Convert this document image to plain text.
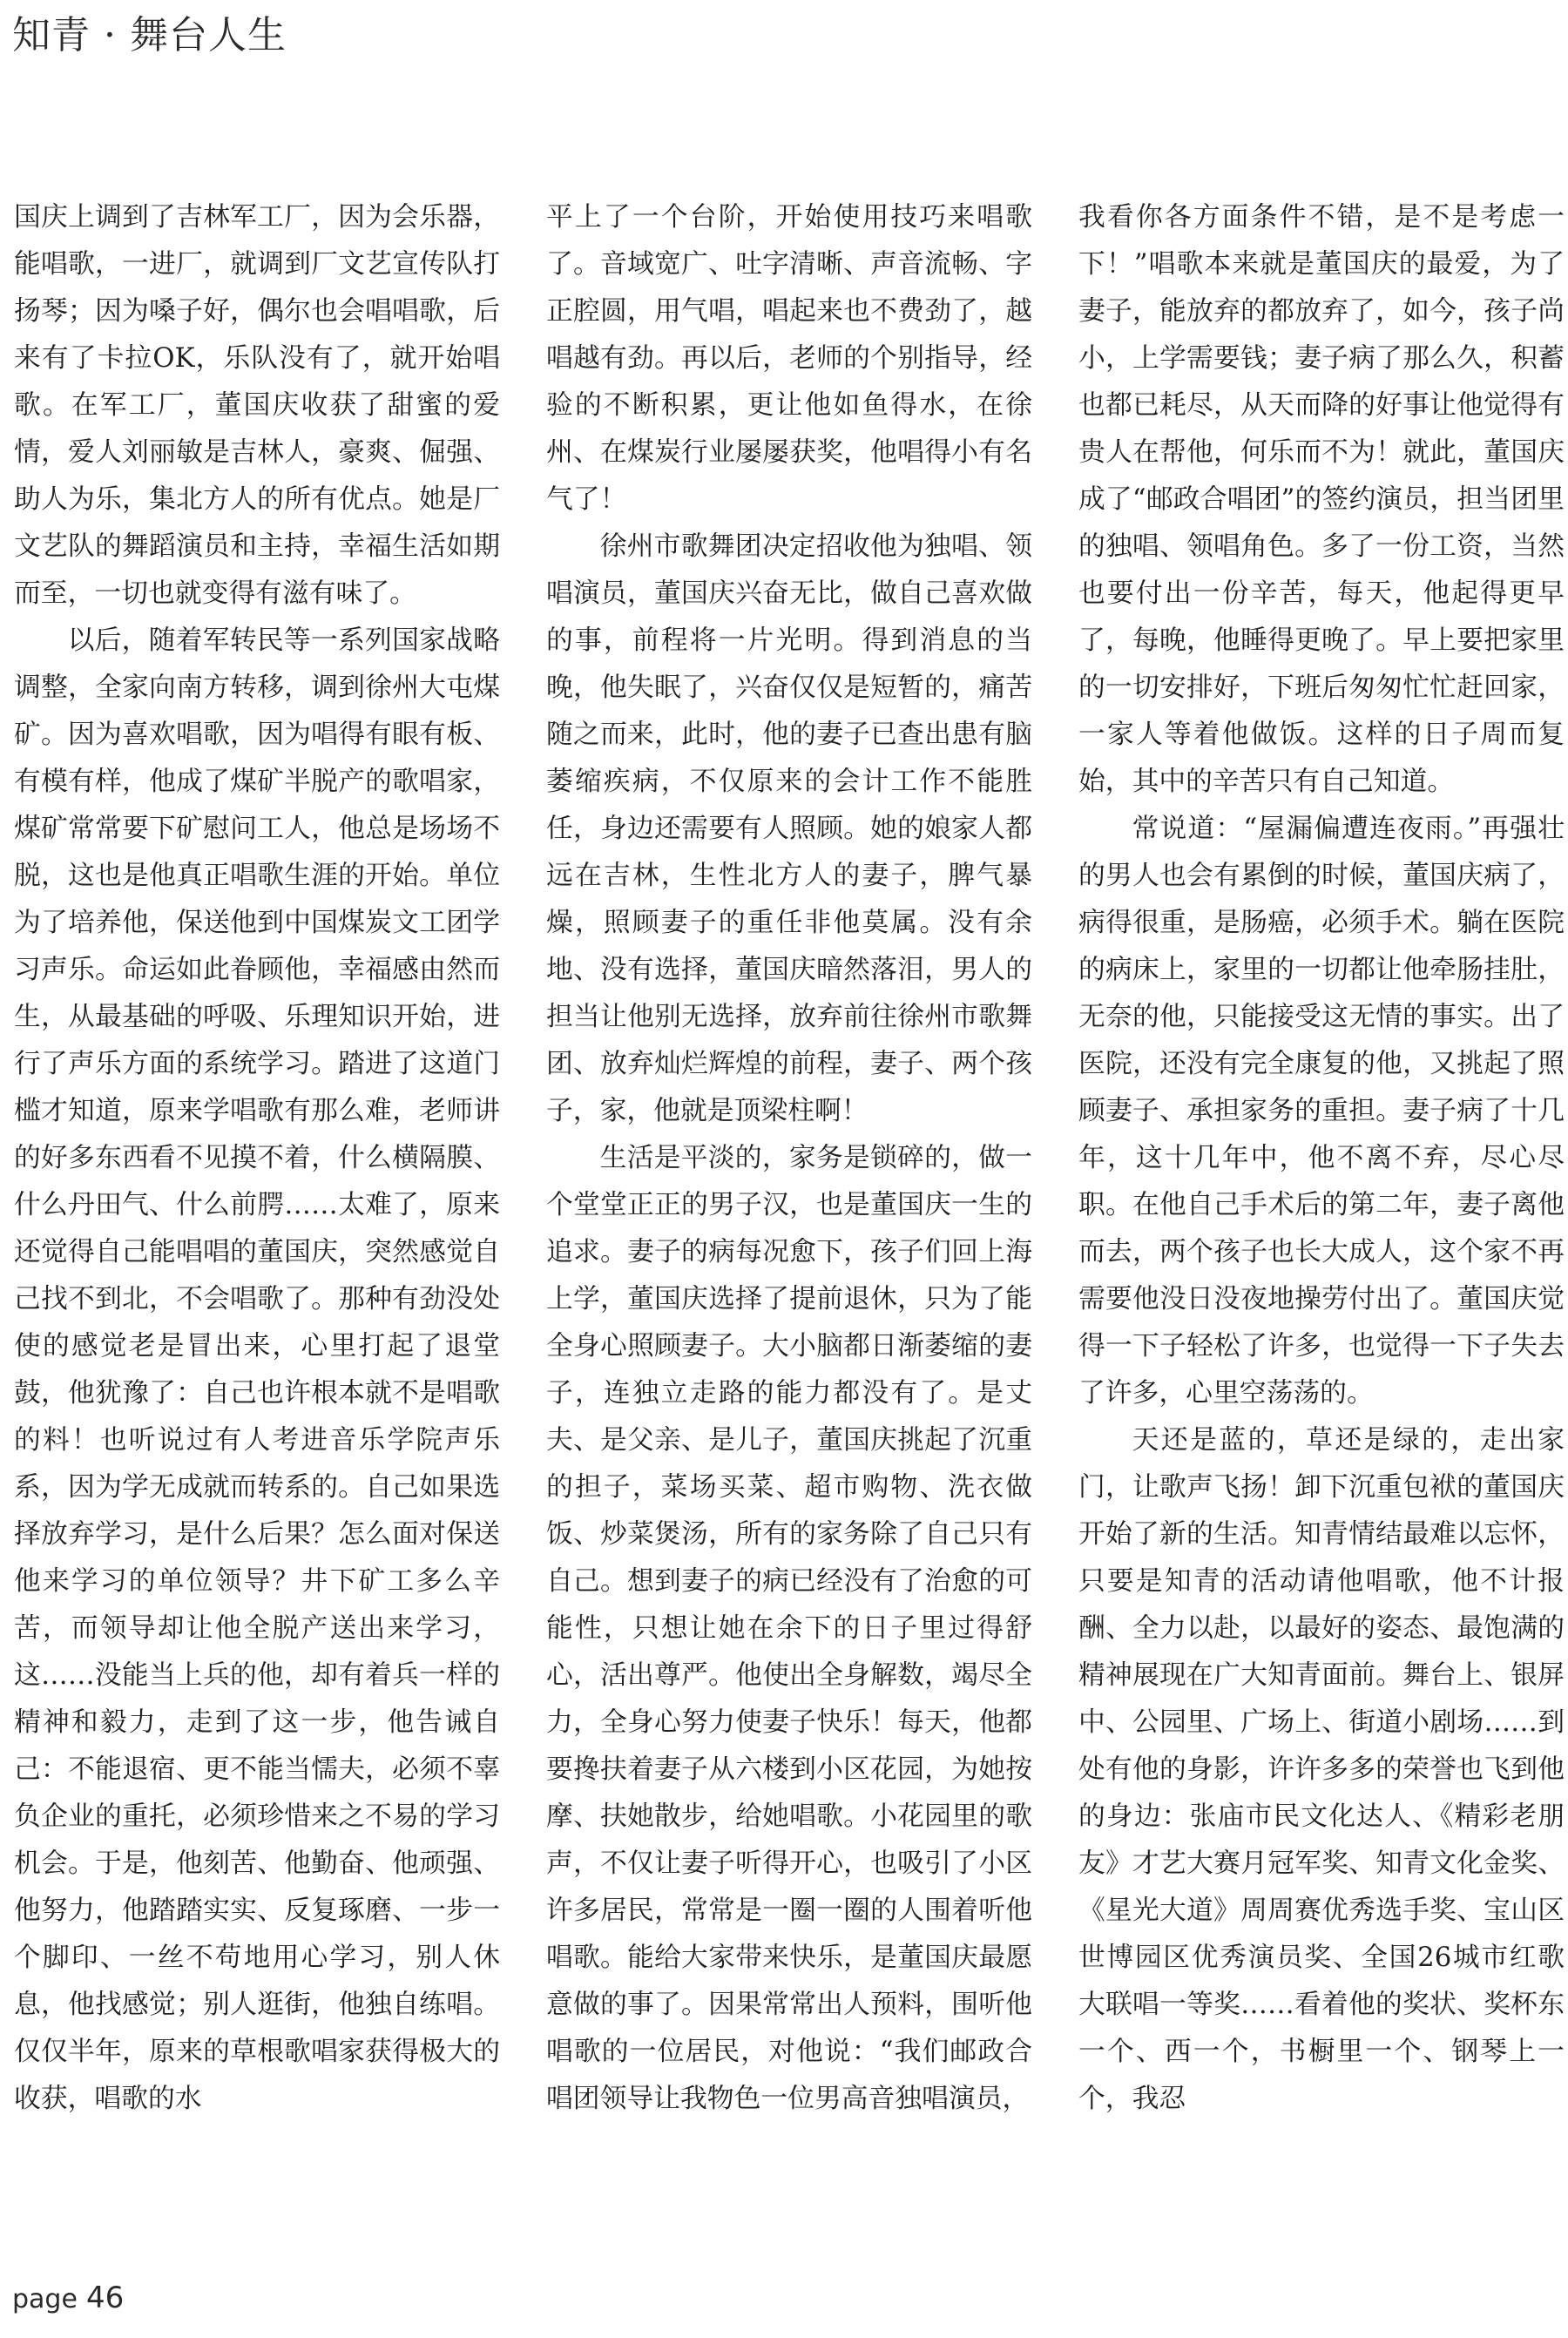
知青 · 舞台人生

国庆上调到了吉林军工厂，因为会乐器，能唱歌，一进厂，就调到厂文艺宣传队打扬琴；因为嗓子好，偶尔也会唱唱歌，后来有了卡拉OK，乐队没有了，就开始唱歌。在军工厂，董国庆收获了甜蜜的爱情，爱人刘丽敏是吉林人，豪爽、倔强、助人为乐，集北方人的所有优点。她是厂文艺队的舞蹈演员和主持，幸福生活如期而至，一切也就变得有滋有味了。

以后，随着军转民等一系列国家战略调整，全家向南方转移，调到徐州大屯煤矿。因为喜欢唱歌，因为唱得有眼有板、有模有样，他成了煤矿半脱产的歌唱家，煤矿常常要下矿慰问工人，他总是场场不脱，这也是他真正唱歌生涯的开始。单位为了培养他，保送他到中国煤炭文工团学习声乐。命运如此眷顾他，幸福感由然而生，从最基础的呼吸、乐理知识开始，进行了声乐方面的系统学习。踏进了这道门槛才知道，原来学唱歌有那么难，老师讲的好多东西看不见摸不着，什么横隔膜、什么丹田气、什么前腭……太难了，原来还觉得自己能唱唱的董国庆，突然感觉自己找不到北，不会唱歌了。那种有劲没处使的感觉老是冒出来，心里打起了退堂鼓，他犹豫了：自己也许根本就不是唱歌的料！也听说过有人考进音乐学院声乐系，因为学无成就而转系的。自己如果选择放弃学习，是什么后果？怎么面对保送他来学习的单位领导？井下矿工多么辛苦，而领导却让他全脱产送出来学习，这……没能当上兵的他，却有着兵一样的精神和毅力，走到了这一步，他告诫自己：不能退宿、更不能当懦夫，必须不辜负企业的重托，必须珍惜来之不易的学习机会。于是，他刻苦、他勤奋、他顽强、他努力，他踏踏实实、反复琢磨、一步一个脚印、一丝不苟地用心学习，别人休息，他找感觉；别人逛街，他独自练唱。仅仅半年，原来的草根歌唱家获得极大的收获，唱歌的水

平上了一个台阶，开始使用技巧来唱歌了。音域宽广、吐字清晰、声音流畅、字正腔圆，用气唱，唱起来也不费劲了，越唱越有劲。再以后，老师的个别指导，经验的不断积累，更让他如鱼得水，在徐州、在煤炭行业屡屡获奖，他唱得小有名气了！

徐州市歌舞团决定招收他为独唱、领唱演员，董国庆兴奋无比，做自己喜欢做的事，前程将一片光明。得到消息的当晚，他失眠了，兴奋仅仅是短暂的，痛苦随之而来，此时，他的妻子已查出患有脑萎缩疾病，不仅原来的会计工作不能胜任，身边还需要有人照顾。她的娘家人都远在吉林，生性北方人的妻子，脾气暴燥，照顾妻子的重任非他莫属。没有余地、没有选择，董国庆暗然落泪，男人的担当让他别无选择，放弃前往徐州市歌舞团、放弃灿烂辉煌的前程，妻子、两个孩子，家，他就是顶梁柱啊！

生活是平淡的，家务是锁碎的，做一个堂堂正正的男子汉，也是董国庆一生的追求。妻子的病每况愈下，孩子们回上海上学，董国庆选择了提前退休，只为了能全身心照顾妻子。大小脑都日渐萎缩的妻子，连独立走路的能力都没有了。是丈夫、是父亲、是儿子，董国庆挑起了沉重的担子，菜场买菜、超市购物、洗衣做饭、炒菜煲汤，所有的家务除了自己只有自己。想到妻子的病已经没有了治愈的可能性，只想让她在余下的日子里过得舒心，活出尊严。他使出全身解数，竭尽全力，全身心努力使妻子快乐！每天，他都要搀扶着妻子从六楼到小区花园，为她按摩、扶她散步，给她唱歌。小花园里的歌声，不仅让妻子听得开心，也吸引了小区许多居民，常常是一圈一圈的人围着听他唱歌。能给大家带来快乐，是董国庆最愿意做的事了。因果常常出人预料，围听他唱歌的一位居民，对他说：“我们邮政合唱团领导让我物色一位男高音独唱演员，

我看你各方面条件不错，是不是考虑一下！”唱歌本来就是董国庆的最爱，为了妻子，能放弃的都放弃了，如今，孩子尚小，上学需要钱；妻子病了那么久，积蓄也都已耗尽，从天而降的好事让他觉得有贵人在帮他，何乐而不为！就此，董国庆成了“邮政合唱团”的签约演员，担当团里的独唱、领唱角色。多了一份工资，当然也要付出一份辛苦，每天，他起得更早了，每晚，他睡得更晚了。早上要把家里的一切安排好，下班后匆匆忙忙赶回家，一家人等着他做饭。这样的日子周而复始，其中的辛苦只有自己知道。

常说道：“屋漏偏遭连夜雨。”再强壮的男人也会有累倒的时候，董国庆病了，病得很重，是肠癌，必须手术。躺在医院的病床上，家里的一切都让他牵肠挂肚，无奈的他，只能接受这无情的事实。出了医院，还没有完全康复的他，又挑起了照顾妻子、承担家务的重担。妻子病了十几年，这十几年中，他不离不弃，尽心尽职。在他自己手术后的第二年，妻子离他而去，两个孩子也长大成人，这个家不再需要他没日没夜地操劳付出了。董国庆觉得一下子轻松了许多，也觉得一下子失去了许多，心里空荡荡的。

天还是蓝的，草还是绿的，走出家门，让歌声飞扬！卸下沉重包袱的董国庆开始了新的生活。知青情结最难以忘怀，只要是知青的活动请他唱歌，他不计报酬、全力以赴，以最好的姿态、最饱满的精神展现在广大知青面前。舞台上、银屏中、公园里、广场上、街道小剧场……到处有他的身影，许许多多的荣誉也飞到他的身边：张庙市民文化达人、《精彩老朋友》才艺大赛月冠军奖、知青文化金奖、《星光大道》周周赛优秀选手奖、宝山区世博园区优秀演员奖、全国26城市红歌大联唱一等奖……看着他的奖状、奖杯东一个、西一个，书橱里一个、钢琴上一个，我忍

page 46
